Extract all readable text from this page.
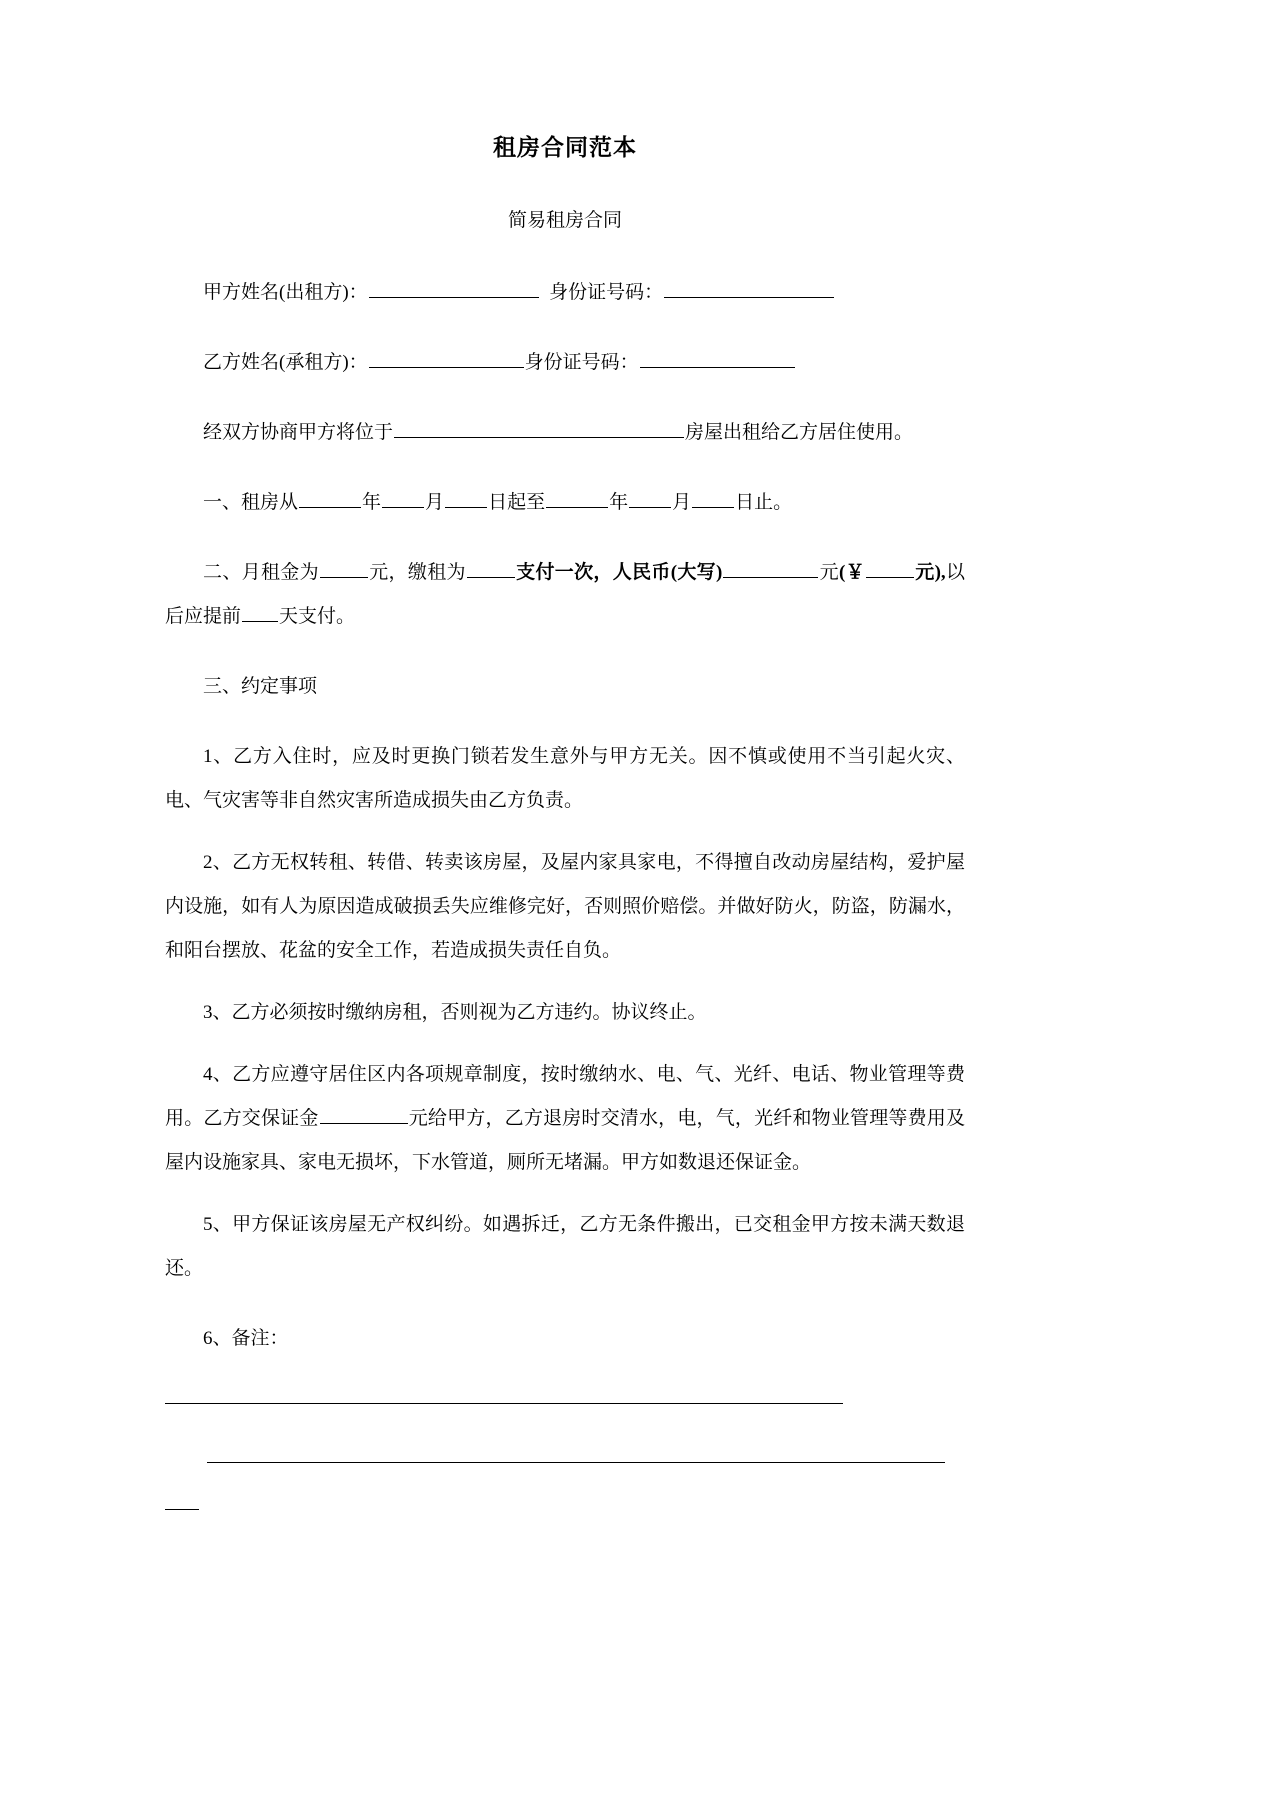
租房合同范本
简易租房合同

甲方姓名(出租方)：	身份证号码：

乙方姓名(承租方)：	身份证号码：

经双方协商甲方将位于	房屋出租给乙方居住使用。

一、租房从	年 月 日起至	年 月 日止。

二、月租金为	元，缴租为	支付一次，人民币(大写)	元(￥	元),以后应提前 天支付。

三、约定事项

1、乙方入住时，应及时更换门锁若发生意外与甲方无关。因不慎或使用不当引起火灾、电、气灾害等非自然灾害所造成损失由乙方负责。

2、乙方无权转租、转借、转卖该房屋，及屋内家具家电，不得擅自改动房屋结构，爱护屋内设施，如有人为原因造成破损丢失应维修完好，否则照价赔偿。并做好防火，防盗，防漏水，和阳台摆放、花盆的安全工作，若造成损失责任自负。

3、乙方必须按时缴纳房租，否则视为乙方违约。协议终止。

4、乙方应遵守居住区内各项规章制度，按时缴纳水、电、气、光纤、电话、物业管理等费用。乙方交保证金	元给甲方，乙方退房时交清水，电，气，光纤和物业管理等费用及屋内设施家具、家电无损坏，下水管道，厕所无堵漏。甲方如数退还保证金。

5、甲方保证该房屋无产权纠纷。如遇拆迁，乙方无条件搬出，已交租金甲方按未满天数退还。

6、备注：
